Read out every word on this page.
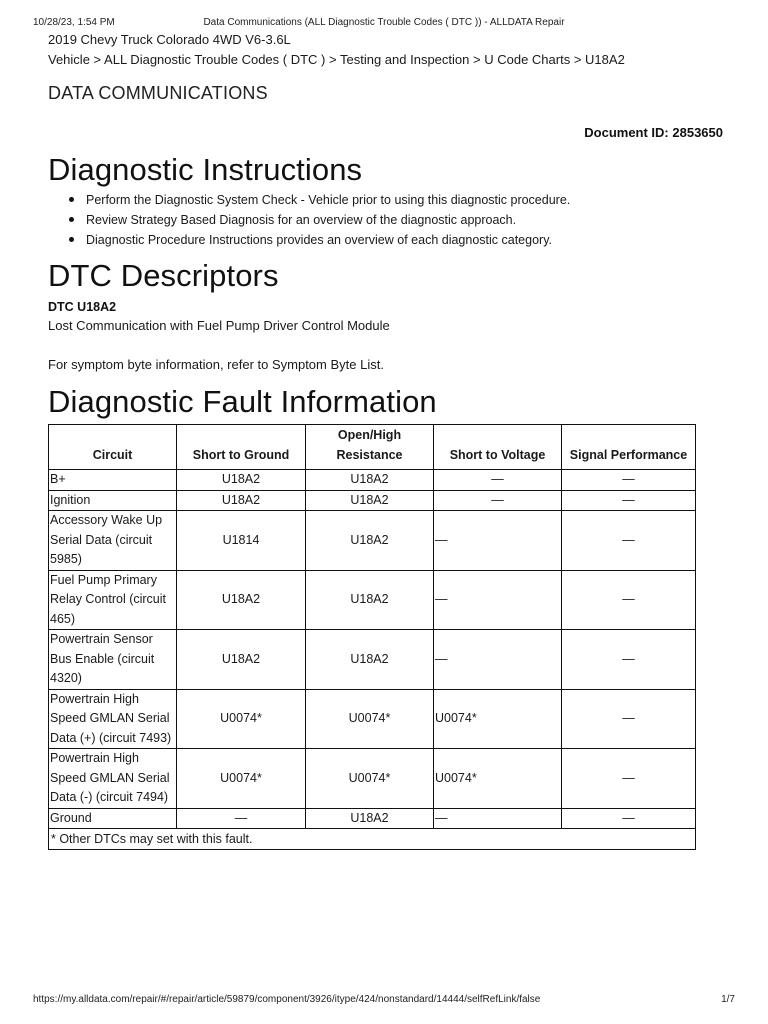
10/28/23, 1:54 PM	Data Communications (ALL Diagnostic Trouble Codes ( DTC )) - ALLDATA Repair
2019 Chevy Truck Colorado 4WD V6-3.6L
Vehicle > ALL Diagnostic Trouble Codes ( DTC ) > Testing and Inspection > U Code Charts > U18A2
DATA COMMUNICATIONS
Document ID: 2853650
Diagnostic Instructions
Perform the Diagnostic System Check - Vehicle prior to using this diagnostic procedure.
Review Strategy Based Diagnosis for an overview of the diagnostic approach.
Diagnostic Procedure Instructions provides an overview of each diagnostic category.
DTC Descriptors
DTC U18A2
Lost Communication with Fuel Pump Driver Control Module
For symptom byte information, refer to Symptom Byte List.
Diagnostic Fault Information
Circuit	Short to Ground	Open/High Resistance	Short to Voltage	Signal Performance
B+	U18A2	U18A2	—	—
Ignition	U18A2	U18A2	—	—
Accessory Wake Up Serial Data (circuit 5985)	U1814	U18A2	—	—
Fuel Pump Primary Relay Control (circuit 465)	U18A2	U18A2	—	—
Powertrain Sensor Bus Enable (circuit 4320)	U18A2	U18A2	—	—
Powertrain High Speed GMLAN Serial Data (+) (circuit 7493)	U0074*	U0074*	U0074*	—
Powertrain High Speed GMLAN Serial Data (-) (circuit 7494)	U0074*	U0074*	U0074*	—
Ground	—	U18A2	—	—
* Other DTCs may set with this fault.				
https://my.alldata.com/repair/#/repair/article/59879/component/3926/itype/424/nonstandard/14444/selfRefLink/false	1/7
